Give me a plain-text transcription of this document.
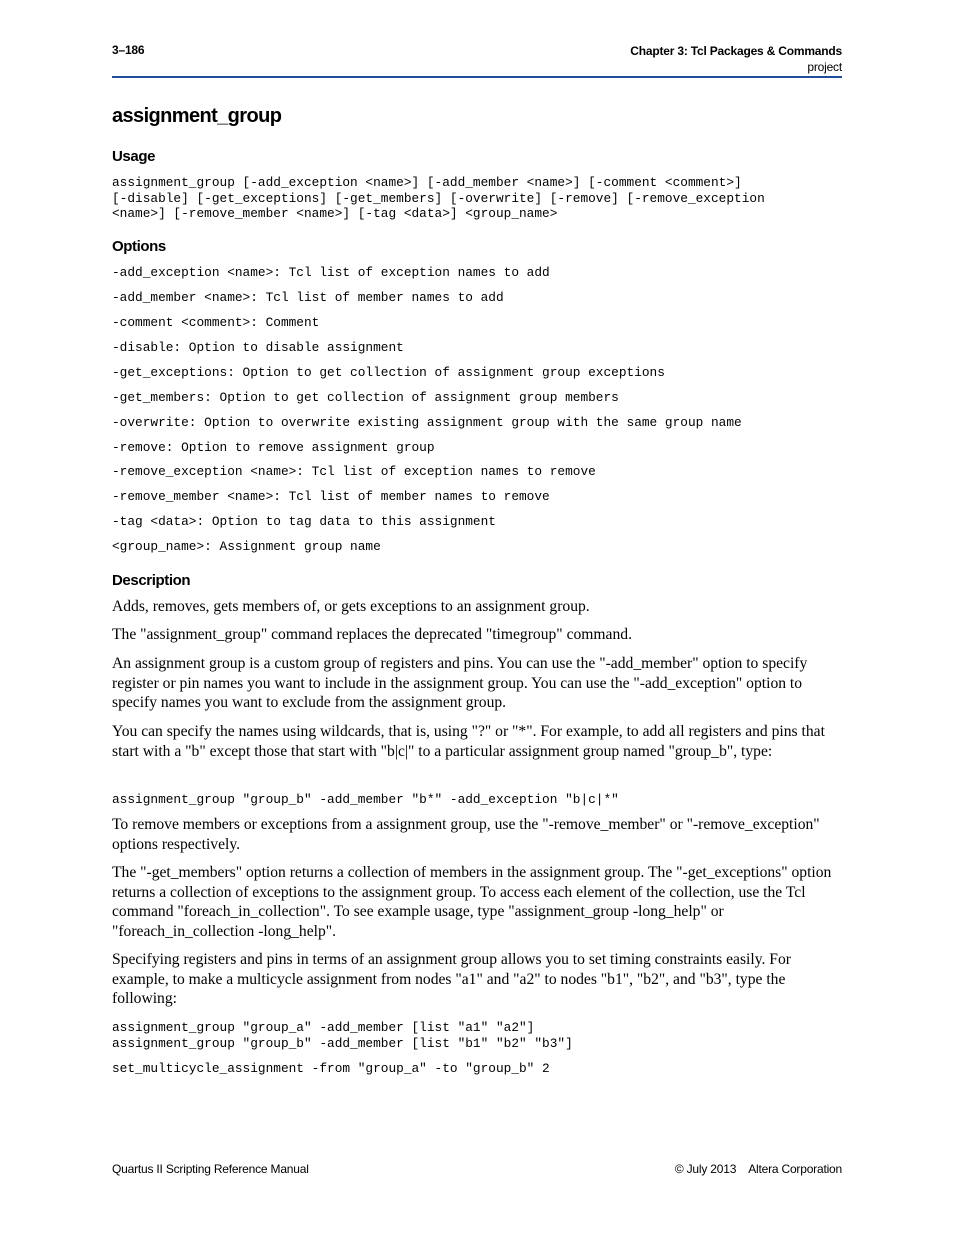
3–186	Chapter 3: Tcl Packages & Commands
project
assignment_group
Usage
assignment_group [-add_exception <name>] [-add_member <name>] [-comment <comment>]
[-disable] [-get_exceptions] [-get_members] [-overwrite] [-remove] [-remove_exception
<name>] [-remove_member <name>] [-tag <data>] <group_name>
Options
-add_exception <name>: Tcl list of exception names to add
-add_member <name>: Tcl list of member names to add
-comment <comment>: Comment
-disable: Option to disable assignment
-get_exceptions: Option to get collection of assignment group exceptions
-get_members: Option to get collection of assignment group members
-overwrite: Option to overwrite existing assignment group with the same group name
-remove: Option to remove assignment group
-remove_exception <name>: Tcl list of exception names to remove
-remove_member <name>: Tcl list of member names to remove
-tag <data>: Option to tag data to this assignment
<group_name>: Assignment group name
Description

Adds, removes, gets members of, or gets exceptions to an assignment group.

The "assignment_group" command replaces the deprecated "timegroup" command.

An assignment group is a custom group of registers and pins. You can use the "-add_member" option to specify register or pin names you want to include in the assignment group. You can use the "-add_exception" option to specify names you want to exclude from the assignment group.

You can specify the names using wildcards, that is, using "?" or "*". For example, to add all registers and pins that start with a "b" except those that start with "b|c|" to a particular assignment group named "group_b", type:

assignment_group "group_b" -add_member "b*" -add_exception "b|c|*"

To remove members or exceptions from a assignment group, use the "-remove_member" or "-remove_exception" options respectively.

The "-get_members" option returns a collection of members in the assignment group. The "-get_exceptions" option returns a collection of exceptions to the assignment group. To access each element of the collection, use the Tcl command "foreach_in_collection". To see example usage, type "assignment_group -long_help" or "foreach_in_collection -long_help".

Specifying registers and pins in terms of an assignment group allows you to set timing constraints easily. For example, to make a multicycle assignment from nodes "a1" and "a2" to nodes "b1", "b2", and "b3", type the following:

assignment_group "group_a" -add_member [list "a1" "a2"]
assignment_group "group_b" -add_member [list "b1" "b2" "b3"]
set_multicycle_assignment -from "group_a" -to "group_b" 2
Quartus II Scripting Reference Manual	© July 2013 Altera Corporation
